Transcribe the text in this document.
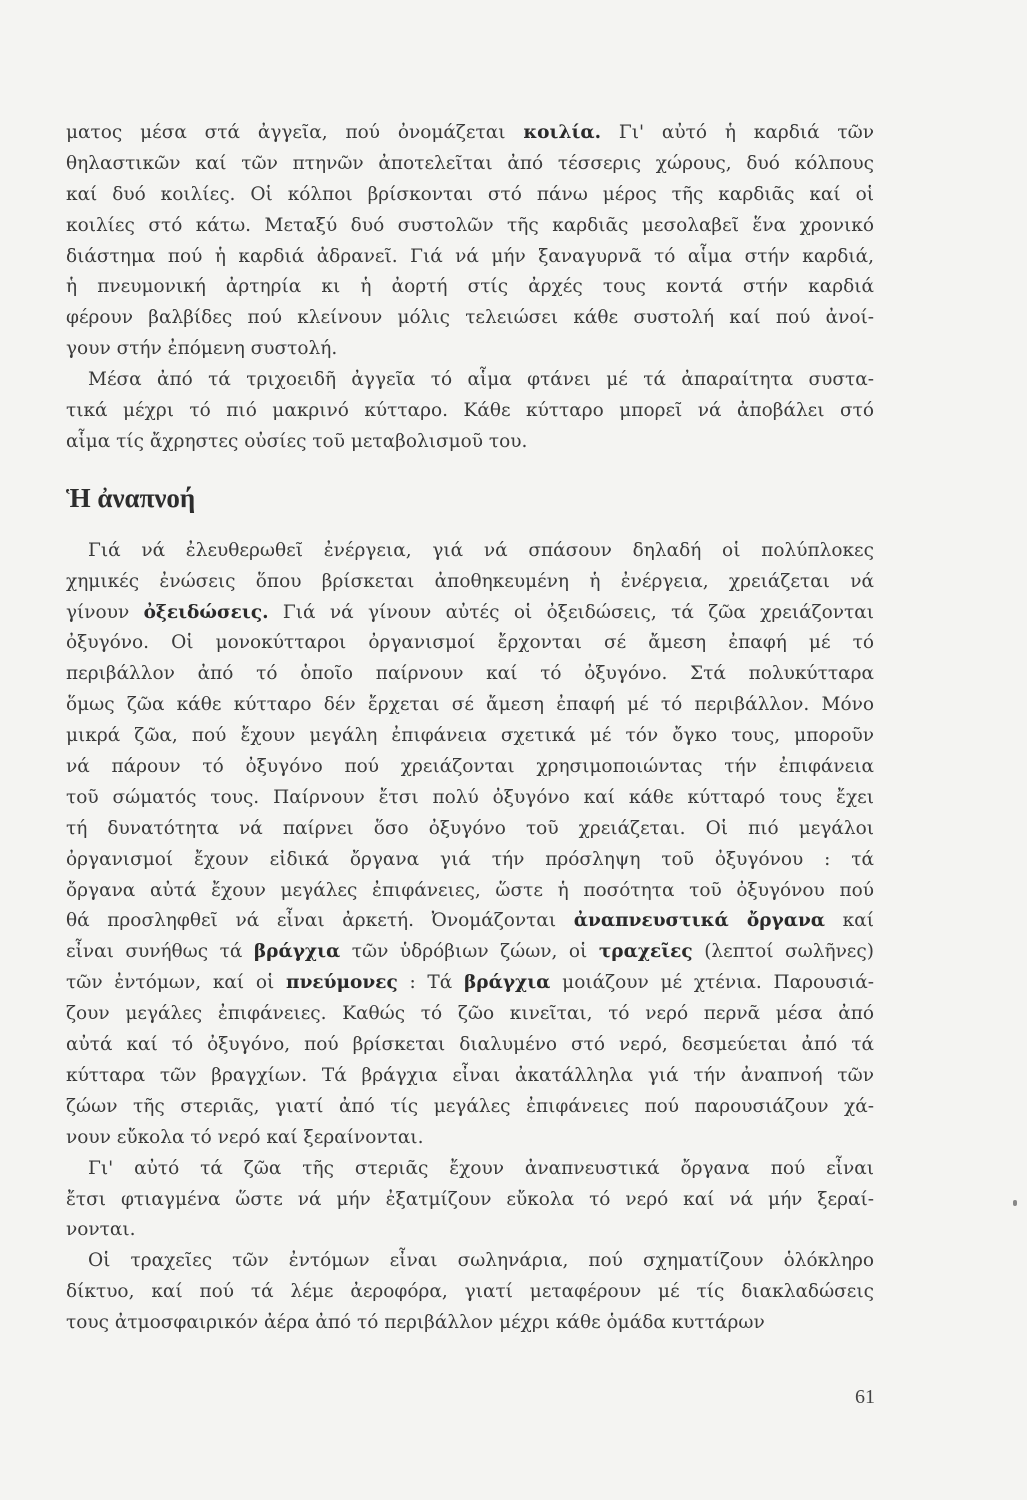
ματος μέσα στά ἀγγεῖα, πού ὀνομάζεται κοιλία. Γι' αὐτό ἡ καρδιά τῶν
θηλαστικῶν καί τῶν πτηνῶν ἀποτελεῖται ἀπό τέσσερις χώρους, δυό κόλπους
καί δυό κοιλίες. Οἱ κόλποι βρίσκονται στό πάνω μέρος τῆς καρδιᾶς καί οἱ
κοιλίες στό κάτω. Μεταξύ δυό συστολῶν τῆς καρδιᾶς μεσολαβεῖ ἕνα χρονικό
διάστημα πού ἡ καρδιά ἀδρανεῖ. Γιά νά μήν ξαναγυρνᾶ τό αἷμα στήν καρδιά,
ἡ πνευμονική ἀρτηρία κι ἡ ἀορτή στίς ἀρχές τους κοντά στήν καρδιά
φέρουν βαλβίδες πού κλείνουν μόλις τελειώσει κάθε συστολή καί πού ἀνοί-
γουν στήν ἐπόμενη συστολή.
Μέσα ἀπό τά τριχοειδῆ ἀγγεῖα τό αἷμα φτάνει μέ τά ἀπαραίτητα συστα-
τικά μέχρι τό πιό μακρινό κύτταρο. Κάθε κύτταρο μπορεῖ νά ἀποβάλει στό
αἷμα τίς ἄχρηστες οὐσίες τοῦ μεταβολισμοῦ του.
Ἡ ἀναπνοή
Γιά νά ἐλευθερωθεῖ ἐνέργεια, γιά νά σπάσουν δηλαδή οἱ πολύπλοκες
χημικές ἐνώσεις ὅπου βρίσκεται ἀποθηκευμένη ἡ ἐνέργεια, χρειάζεται νά
γίνουν ὀξειδώσεις. Γιά νά γίνουν αὐτές οἱ ὀξειδώσεις, τά ζῶα χρειάζονται
ὀξυγόνο. Οἱ μονοκύτταροι ὀργανισμοί ἔρχονται σέ ἄμεση ἐπαφή μέ τό
περιβάλλον ἀπό τό ὁποῖο παίρνουν καί τό ὀξυγόνο. Στά πολυκύτταρα
ὅμως ζῶα κάθε κύτταρο δέν ἔρχεται σέ ἄμεση ἐπαφή μέ τό περιβάλλον. Μόνο
μικρά ζῶα, πού ἔχουν μεγάλη ἐπιφάνεια σχετικά μέ τόν ὄγκο τους, μποροῦν
νά πάρουν τό ὀξυγόνο πού χρειάζονται χρησιμοποιώντας τήν ἐπιφάνεια
τοῦ σώματός τους. Παίρνουν ἔτσι πολύ ὀξυγόνο καί κάθε κύτταρό τους ἔχει
τή δυνατότητα νά παίρνει ὅσο ὀξυγόνο τοῦ χρειάζεται. Οἱ πιό μεγάλοι
ὀργανισμοί ἔχουν εἰδικά ὄργανα γιά τήν πρόσληψη τοῦ ὀξυγόνου : τά
ὄργανα αὐτά ἔχουν μεγάλες ἐπιφάνειες, ὥστε ἡ ποσότητα τοῦ ὀξυγόνου πού
θά προσληφθεῖ νά εἶναι ἀρκετή. Ὀνομάζονται ἀναπνευστικά ὄργανα καί
εἶναι συνήθως τά βράγχια τῶν ὑδρόβιων ζώων, οἱ τραχεῖες (λεπτοί σωλῆνες)
τῶν ἐντόμων, καί οἱ πνεύμονες : Τά βράγχια μοιάζουν μέ χτένια. Παρουσιά-
ζουν μεγάλες ἐπιφάνειες. Καθώς τό ζῶο κινεῖται, τό νερό περνᾶ μέσα ἀπό
αὐτά καί τό ὀξυγόνο, πού βρίσκεται διαλυμένο στό νερό, δεσμεύεται ἀπό τά
κύτταρα τῶν βραγχίων. Τά βράγχια εἶναι ἀκατάλληλα γιά τήν ἀναπνοή τῶν
ζώων τῆς στεριᾶς, γιατί ἀπό τίς μεγάλες ἐπιφάνειες πού παρουσιάζουν χά-
νουν εὔκολα τό νερό καί ξεραίνονται.
Γι' αὐτό τά ζῶα τῆς στεριᾶς ἔχουν ἀναπνευστικά ὄργανα πού εἶναι
ἔτσι φτιαγμένα ὥστε νά μήν ἐξατμίζουν εὔκολα τό νερό καί νά μήν ξεραί-
νονται.
Οἱ τραχεῖες τῶν ἐντόμων εἶναι σωληνάρια, πού σχηματίζουν ὁλόκληρο
δίκτυο, καί πού τά λέμε ἀεροφόρα, γιατί μεταφέρουν μέ τίς διακλαδώσεις
τους ἀτμοσφαιρικόν ἀέρα ἀπό τό περιβάλλον μέχρι κάθε ὁμάδα κυττάρων
61
